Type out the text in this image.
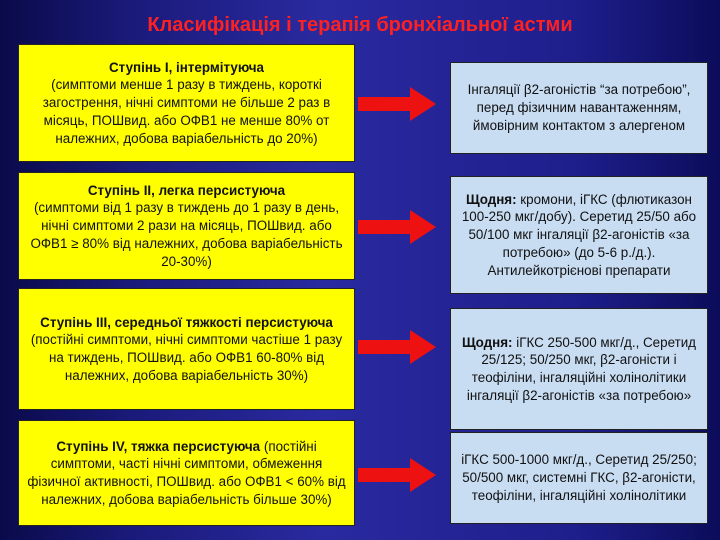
Класифікація і терапія бронхіальної астми
Ступінь I, інтермітуюча
(симптоми менше 1 разу в тиждень, короткі загострення, нічні симптоми не більше 2 раз в місяць, ПОШвид. або ОФВ1 не менше 80% от належних, добова варіабельність до 20%)
Ступінь II, легка персистуюча
(симптоми від 1 разу в тиждень до 1 разу в день, нічні симптоми 2 рази на місяць, ПОШвид. або ОФВ1 ≥ 80% від належних, добова варіабельність 20-30%)
Ступінь III, середньої тяжкості персистуюча
(постійні симптоми, нічні симптоми частіше 1 разу на тиждень, ПОШвид. або ОФВ1 60-80% від належних, добова варіабельність 30%)
Ступінь IV, тяжка персистуюча (постійні симптоми, часті нічні симптоми, обмеження фізичної активності, ПОШвид. або ОФВ1 < 60% від належних, добова варіабельність більше 30%)
Інгаляції β2-агоністів “за потребою”, перед фізичним навантаженням, ймовірним контактом з алергеном
Щодня: кромони, іГКС (флютиказон 100-250 мкг/добу). Серетид 25/50 або 50/100 мкг інгаляції β2-агоністів «за потребою» (до 5-6 р./д.). Антилейкотрієнові препарати
Щодня: іГКС 250-500 мкг/д., Серетид 25/125; 50/250 мкг, β2-агоністи і теофіліни, інгаляційні холінолітики інгаляції β2-агоністів «за потребою»
іГКС 500-1000 мкг/д., Серетид 25/250; 50/500 мкг, системні ГКС, β2-агоністи, теофіліни, інгаляційні холінолітики
